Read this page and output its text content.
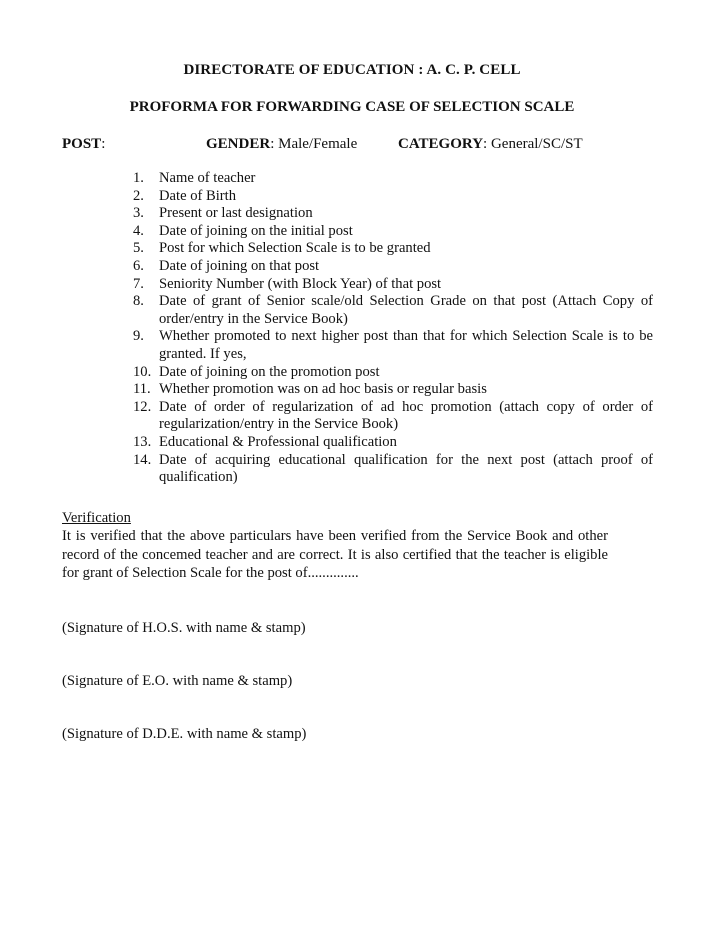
DIRECTORATE OF EDUCATION : A. C. P. CELL
PROFORMA FOR FORWARDING CASE OF SELECTION SCALE
POST:	GENDER: Male/Female	CATEGORY: General/SC/ST
1.	Name of teacher
2.	Date of Birth
3.	Present or last designation
4.	Date of joining on the initial post
5.	Post for which Selection Scale is to be granted
6.	Date of joining on that post
7.	Seniority Number (with Block Year) of that post
8.	Date of grant of Senior scale/old Selection Grade on that post (Attach Copy of order/entry in the Service Book)
9.	Whether promoted to next higher post than that for which Selection Scale is to be granted. If yes,
10. Date of joining on the promotion post
11. Whether promotion was on ad hoc basis or regular basis
12. Date of order of regularization of ad hoc promotion (attach copy of order of regularization/entry in the Service Book)
13. Educational & Professional qualification
14. Date of acquiring educational qualification for the next post (attach proof of qualification)
Verification
It is verified that the above particulars have been verified from the Service Book and other record of the concemed teacher and are correct. It is also certified that the teacher is eligible for grant of Selection Scale for the post of..............
(Signature of H.O.S. with name & stamp)
(Signature of E.O. with name & stamp)
(Signature of D.D.E. with name & stamp)
